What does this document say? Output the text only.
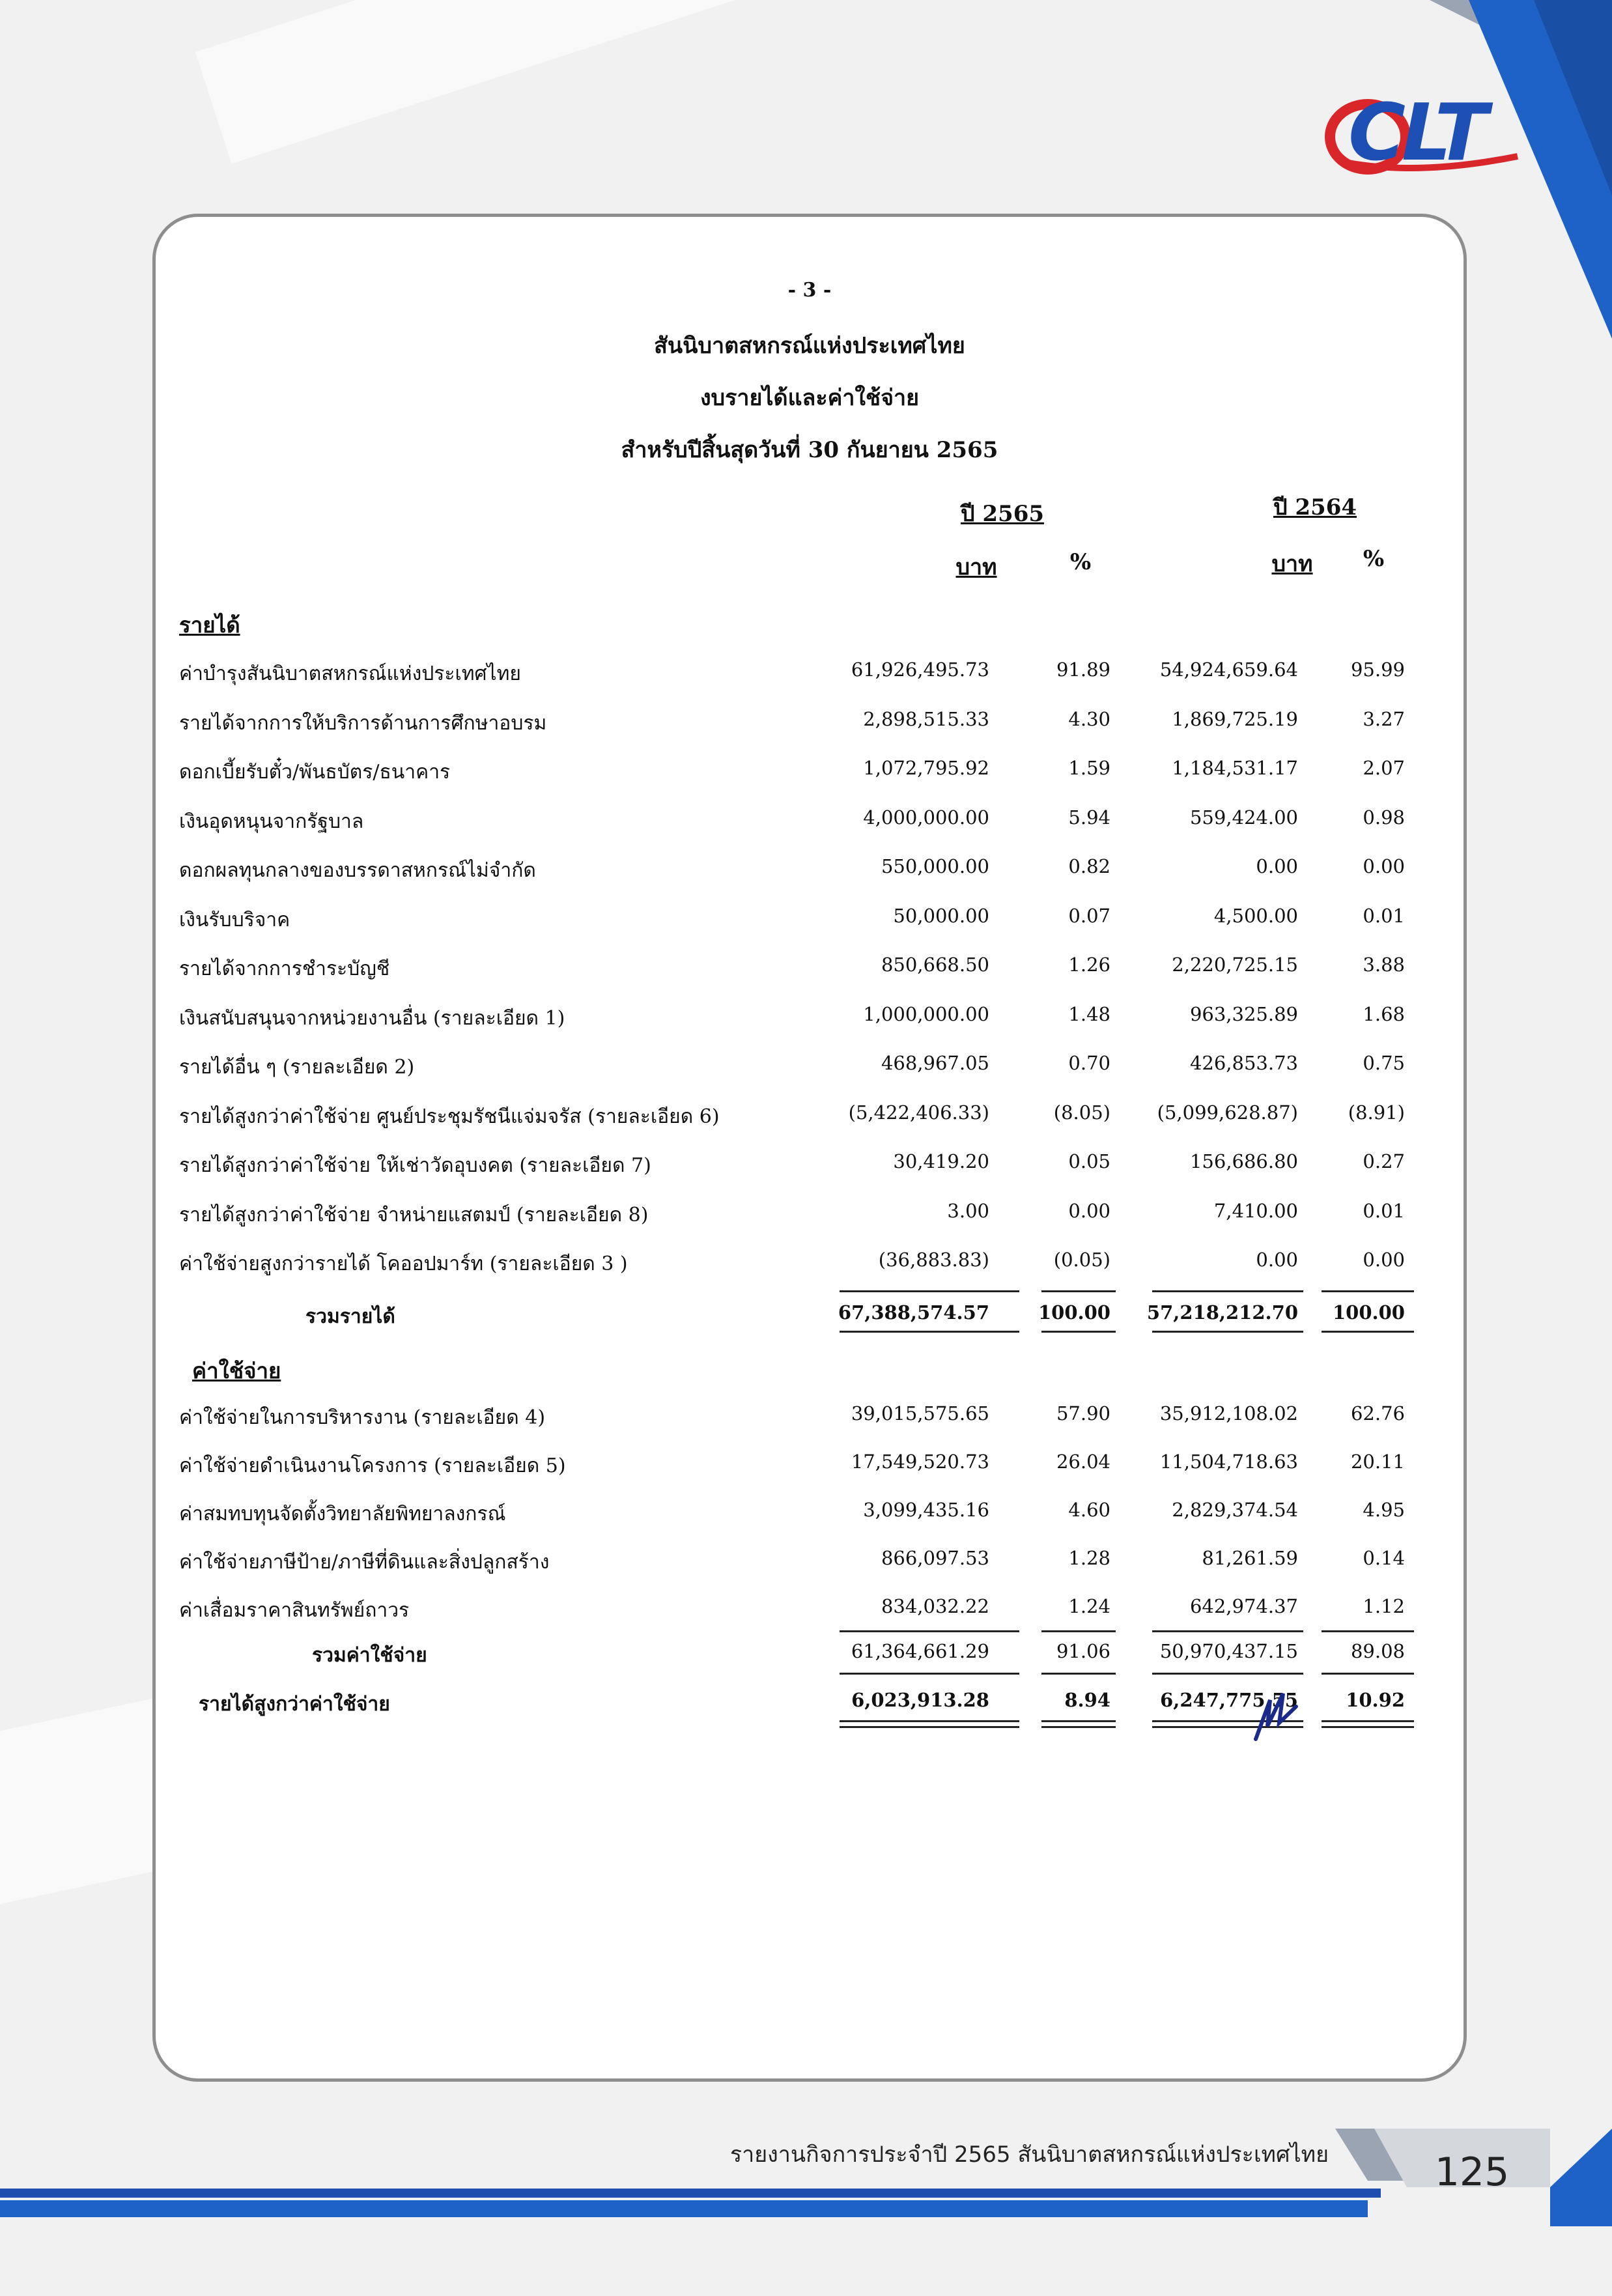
CLT
- 3 -
สันนิบาตสหกรณ์แห่งประเทศไทย
งบรายได้และค่าใช้จ่าย
สำหรับปีสิ้นสุดวันที่ 30 กันยายน 2565
ปี 2565	ปี 2564
บาท	%	บาท	%
รายได้
ค่าบำรุงสันนิบาตสหกรณ์แห่งประเทศไทย	61,926,495.73	91.89	54,924,659.64	95.99
รายได้จากการให้บริการด้านการศึกษาอบรม	2,898,515.33	4.30	1,869,725.19	3.27
ดอกเบี้ยรับตั๋ว/พันธบัตร/ธนาคาร	1,072,795.92	1.59	1,184,531.17	2.07
เงินอุดหนุนจากรัฐบาล	4,000,000.00	5.94	559,424.00	0.98
ดอกผลทุนกลางของบรรดาสหกรณ์ไม่จำกัด	550,000.00	0.82	0.00	0.00
เงินรับบริจาค	50,000.00	0.07	4,500.00	0.01
รายได้จากการชำระบัญชี	850,668.50	1.26	2,220,725.15	3.88
เงินสนับสนุนจากหน่วยงานอื่น (รายละเอียด 1)	1,000,000.00	1.48	963,325.89	1.68
รายได้อื่น ๆ (รายละเอียด 2)	468,967.05	0.70	426,853.73	0.75
รายได้สูงกว่าค่าใช้จ่าย ศูนย์ประชุมรัชนีแจ่มจรัส (รายละเอียด 6)	(5,422,406.33)	(8.05) (5,099,628.87)	(8.91)
รายได้สูงกว่าค่าใช้จ่าย ให้เช่าวัดอุบงคต (รายละเอียด 7)	30,419.20	0.05	156,686.80	0.27
รายได้สูงกว่าค่าใช้จ่าย จำหน่ายแสตมป์ (รายละเอียด 8)	3.00	0.00	7,410.00	0.01
ค่าใช้จ่ายสูงกว่ารายได้ โคออปมาร์ท (รายละเอียด 3 )	(36,883.83)	(0.05)	0.00	0.00
รวมรายได้	67,388,574.57	100.00 57,218,212.70 100.00
ค่าใช้จ่าย
ค่าใช้จ่ายในการบริหารงาน (รายละเอียด 4)	39,015,575.65	57.90	35,912,108.02	62.76
ค่าใช้จ่ายดำเนินงานโครงการ (รายละเอียด 5)	17,549,520.73	26.04	11,504,718.63	20.11
ค่าสมทบทุนจัดตั้งวิทยาลัยพิทยาลงกรณ์	3,099,435.16	4.60	2,829,374.54	4.95
ค่าใช้จ่ายภาษีป้าย/ภาษีที่ดินและสิ่งปลูกสร้าง	866,097.53	1.28	81,261.59	0.14
ค่าเสื่อมราคาสินทรัพย์ถาวร	834,032.22	1.24	642,974.37	1.12
รวมค่าใช้จ่าย	61,364,661.29	91.06	50,970,437.15	89.08
รายได้สูงกว่าค่าใช้จ่าย	6,023,913.28	8.94	6,247,775.55	10.92
รายงานกิจการประจำปี 2565 สันนิบาตสหกรณ์แห่งประเทศไทย	125
